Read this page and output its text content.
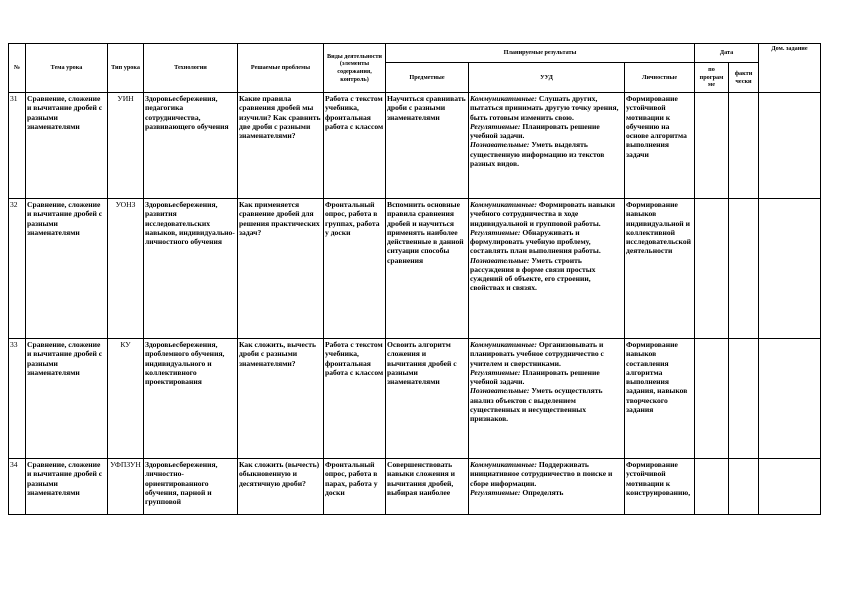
№	Тема урока	Тип урока	Технологии	Решаемые проблемы	Виды деятельности (элементы содержания, контроль)	Планируемые результаты			Дата		Дом. задание
						Предметные	УУД	Личностные	по програм ме	факти чески	
31	Сравнение, сложение и вычитание дробей с разными знаменателями	УИН	Здоровьесбережения, педагогика сотрудничества, развивающего обучения	Какие правила сравнения дробей мы изучили? Как сравнить две дроби с разными знаменателями?	Работа с текстом учебника, фронтальная работа с классом	Научиться сравнивать дроби с разными знаменателями	Коммуникативные: Слушать других, пытаться принимать другую точку зрения, быть готовым изменить свою.
Регулятивные: Планировать решение учебной задачи.
Познавательные: Уметь выделять существенную информацию из текстов разных видов.	Формирование устойчивой мотивации к обучению на основе алгоритма выполнения задачи			
32	Сравнение, сложение и вычитание дробей с разными знаменателями	УОНЗ	Здоровьесбережения, развития исследовательских навыков, индивидуально-личностного обучения	Как применяется сравнение дробей для решения практических задач?	Фронтальный опрос, работа в группах, работа у доски	Вспомнить основные правила сравнения дробей и научиться применять наиболее действенные в данной ситуации способы сравнения	Коммуникативные: Формировать навыки учебного сотрудничества в ходе индивидуальной и групповой работы.
Регулятивные: Обнаруживать и формулировать учебную проблему, составлять план выполнения работы.
Познавательные: Уметь строить рассуждения в форме связи простых суждений об объекте, его строении, свойствах и связях.	Формирование навыков индивидуальной и коллективной исследовательской деятельности			
33	Сравнение, сложение и вычитание дробей с разными знаменателями	КУ	Здоровьесбережения, проблемного обучения, индивидуального и коллективного проектирования	Как сложить, вычесть дроби с разными знаменателями?	Работа с текстом учебника, фронтальная работа с классом	Освоить алгоритм сложения и вычитания дробей с разными знаменателями	Коммуникативные: Организовывать и планировать учебное сотрудничество с учителем и сверстниками.
Регулятивные: Планировать решение учебной задачи.
Познавательные: Уметь осуществлять анализ объектов с выделением существенных и несущественных признаков.	Формирование навыков составления алгоритма выполнения задания, навыков творческого задания			
34	Сравнение, сложение и вычитание дробей с разными знаменателями	УФПЗУН	Здоровьесбережения, личностно-ориентированного обучения, парной и групповой	Как сложить (вычесть) обыкновенную и десятичную дроби?	Фронтальный опрос, работа в парах, работа у доски	Совершенствовать навыки сложения и вычитания дробей, выбирая наиболее	Коммуникативные: Поддерживать инициативное сотрудничество в поиске и сборе информации.
Регулятивные: Определять	Формирование устойчивой мотивации к конструированию,			
